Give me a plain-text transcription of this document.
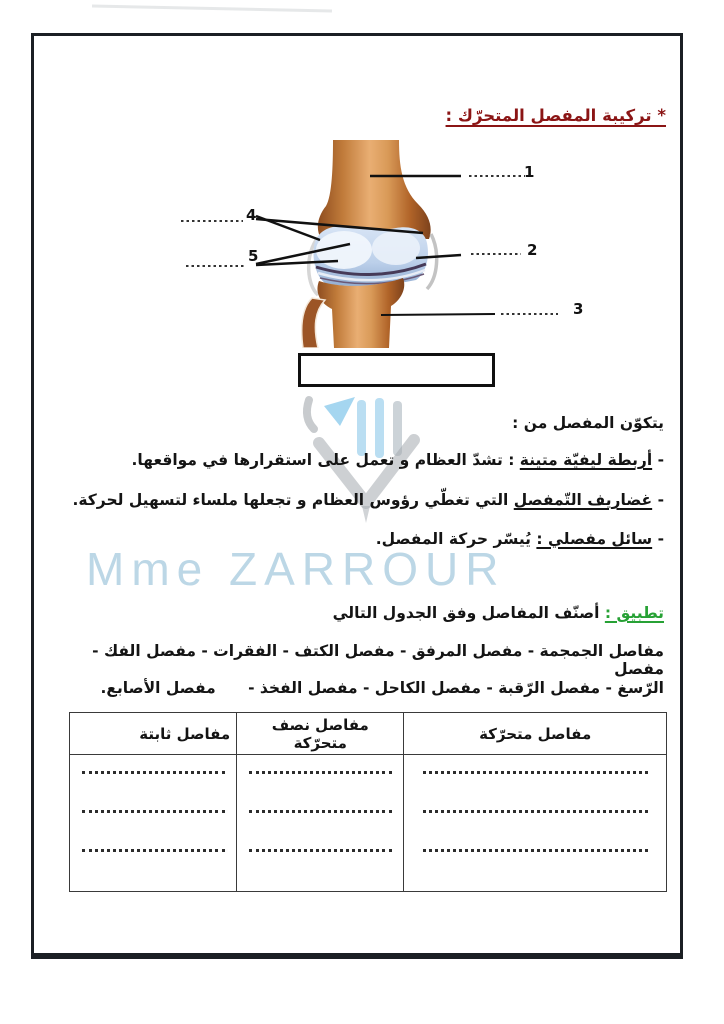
* تركيبة المفصل المتحرّك :
Mme ZARROUR
1
2
3
4
5
يتكوّن المفصل من :
- أربطة ليفيّة متينة : تشدّ العظام و تعمل على استقرارها في مواقعها.
- غضاريف التّمفصل التي تغطّي رؤوس العظام و تجعلها ملساء لتسهيل لحركة.
- سائل مفصلي : يُيسّر حركة المفصل.
تطبيق : أصنّف المفاصل وفق الجدول التالي
مفاصل الجمجمة - مفصل المرفق - مفصل الكتف - الفقرات - مفصل الفك - مفصل
الرّسغ - مفصل الرّقبة - مفصل الكاحل - مفصل الفخذ -      مفصل الأصابع.
مفاصل متحرّكة	مفاصل نصف متحرّكة	مفاصل ثابتة
